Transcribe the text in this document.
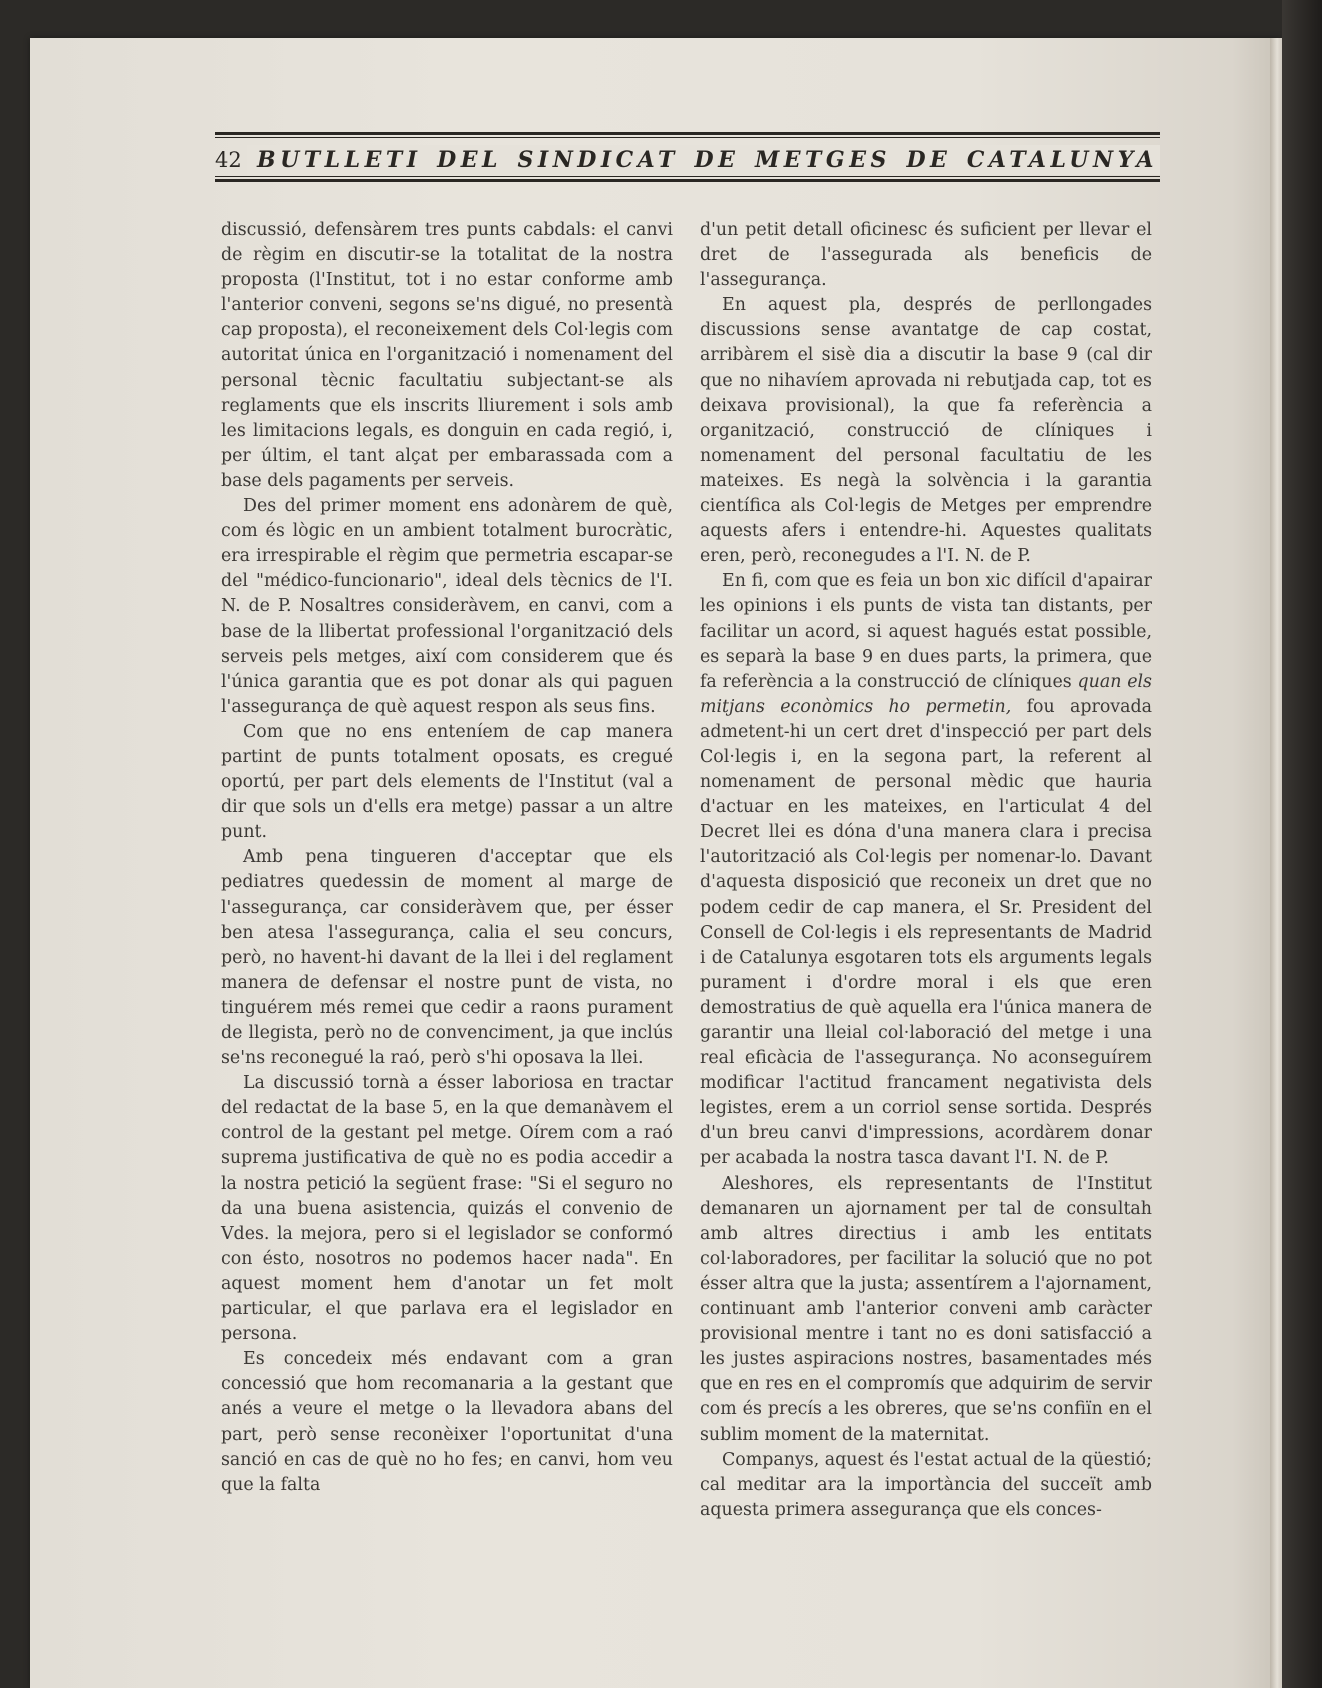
42 BUTLLETI DEL SINDICAT DE METGES DE CATALUNYA

discussió, defensàrem tres punts cabdals: el canvi de règim en discutir-se la totalitat de la nostra proposta (l'Institut, tot i no estar conforme amb l'anterior conveni, segons se'ns digué, no presentà cap proposta), el reconeixement dels Col·legis com autoritat única en l'organització i nomenament del personal tècnic facultatiu subjectant-se als reglaments que els inscrits lliurement i sols amb les limitacions legals, es donguin en cada regió, i, per últim, el tant alçat per embarassada com a base dels pagaments per serveis.

Des del primer moment ens adonàrem de què, com és lògic en un ambient totalment burocràtic, era irrespirable el règim que permetria escapar-se del "médico-funcionario", ideal dels tècnics de l'I. N. de P. Nosaltres consideràvem, en canvi, com a base de la llibertat professional l'organització dels serveis pels metges, així com considerem que és l'única garantia que es pot donar als qui paguen l'assegurança de què aquest respon als seus fins.

Com que no ens enteníem de cap manera partint de punts totalment oposats, es cregué oportú, per part dels elements de l'Institut (val a dir que sols un d'ells era metge) passar a un altre punt.

Amb pena tingueren d'acceptar que els pediatres quedessin de moment al marge de l'assegurança, car consideràvem que, per ésser ben atesa l'assegurança, calia el seu concurs, però, no havent-hi davant de la llei i del reglament manera de defensar el nostre punt de vista, no tinguérem més remei que cedir a raons purament de llegista, però no de convenciment, ja que inclús se'ns reconegué la raó, però s'hi oposava la llei.

La discussió tornà a ésser laboriosa en tractar del redactat de la base 5, en la que demanàvem el control de la gestant pel metge. Oírem com a raó suprema justificativa de què no es podia accedir a la nostra petició la següent frase: "Si el seguro no da una buena asistencia, quizás el convenio de Vdes. la mejora, pero si el legislador se conformó con ésto, nosotros no podemos hacer nada". En aquest moment hem d'anotar un fet molt particular, el que parlava era el legislador en persona.

Es concedeix més endavant com a gran concessió que hom recomanaria a la gestant que anés a veure el metge o la llevadora abans del part, però sense reconèixer l'oportunitat d'una sanció en cas de què no ho fes; en canvi, hom veu que la falta

d'un petit detall oficinesc és suficient per llevar el dret de l'assegurada als beneficis de l'assegurança.

En aquest pla, després de perllongades discussions sense avantatge de cap costat, arribàrem el sisè dia a discutir la base 9 (cal dir que no nihavíem aprovada ni rebutjada cap, tot es deixava provisional), la que fa referència a organització, construcció de clíniques i nomenament del personal facultatiu de les mateixes. Es negà la solvència i la garantia científica als Col·legis de Metges per emprendre aquests afers i entendre-hi. Aquestes qualitats eren, però, reconegudes a l'I. N. de P.

En fi, com que es feia un bon xic difícil d'apairar les opinions i els punts de vista tan distants, per facilitar un acord, si aquest hagués estat possible, es separà la base 9 en dues parts, la primera, que fa referència a la construcció de clíniques quan els mitjans econòmics ho permetin, fou aprovada admetent-hi un cert dret d'inspecció per part dels Col·legis i, en la segona part, la referent al nomenament de personal mèdic que hauria d'actuar en les mateixes, en l'articulat 4 del Decret llei es dóna d'una manera clara i precisa l'autorització als Col·legis per nomenar-lo. Davant d'aquesta disposició que reconeix un dret que no podem cedir de cap manera, el Sr. President del Consell de Col·legis i els representants de Madrid i de Catalunya esgotaren tots els arguments legals purament i d'ordre moral i els que eren demostratius de què aquella era l'única manera de garantir una lleial col·laboració del metge i una real eficàcia de l'assegurança. No aconseguírem modificar l'actitud francament negativista dels legistes, erem a un corriol sense sortida. Després d'un breu canvi d'impressions, acordàrem donar per acabada la nostra tasca davant l'I. N. de P.

Aleshores, els representants de l'Institut demanaren un ajornament per tal de consultah amb altres directius i amb les entitats col·laboradores, per facilitar la solució que no pot ésser altra que la justa; assentírem a l'ajornament, continuant amb l'anterior conveni amb caràcter provisional mentre i tant no es doni satisfacció a les justes aspiracions nostres, basamentades més que en res en el compromís que adquirim de servir com és precís a les obreres, que se'ns confiïn en el sublim moment de la maternitat.

Companys, aquest és l'estat actual de la qüestió; cal meditar ara la importància del succeït amb aquesta primera assegurança que els conces-
